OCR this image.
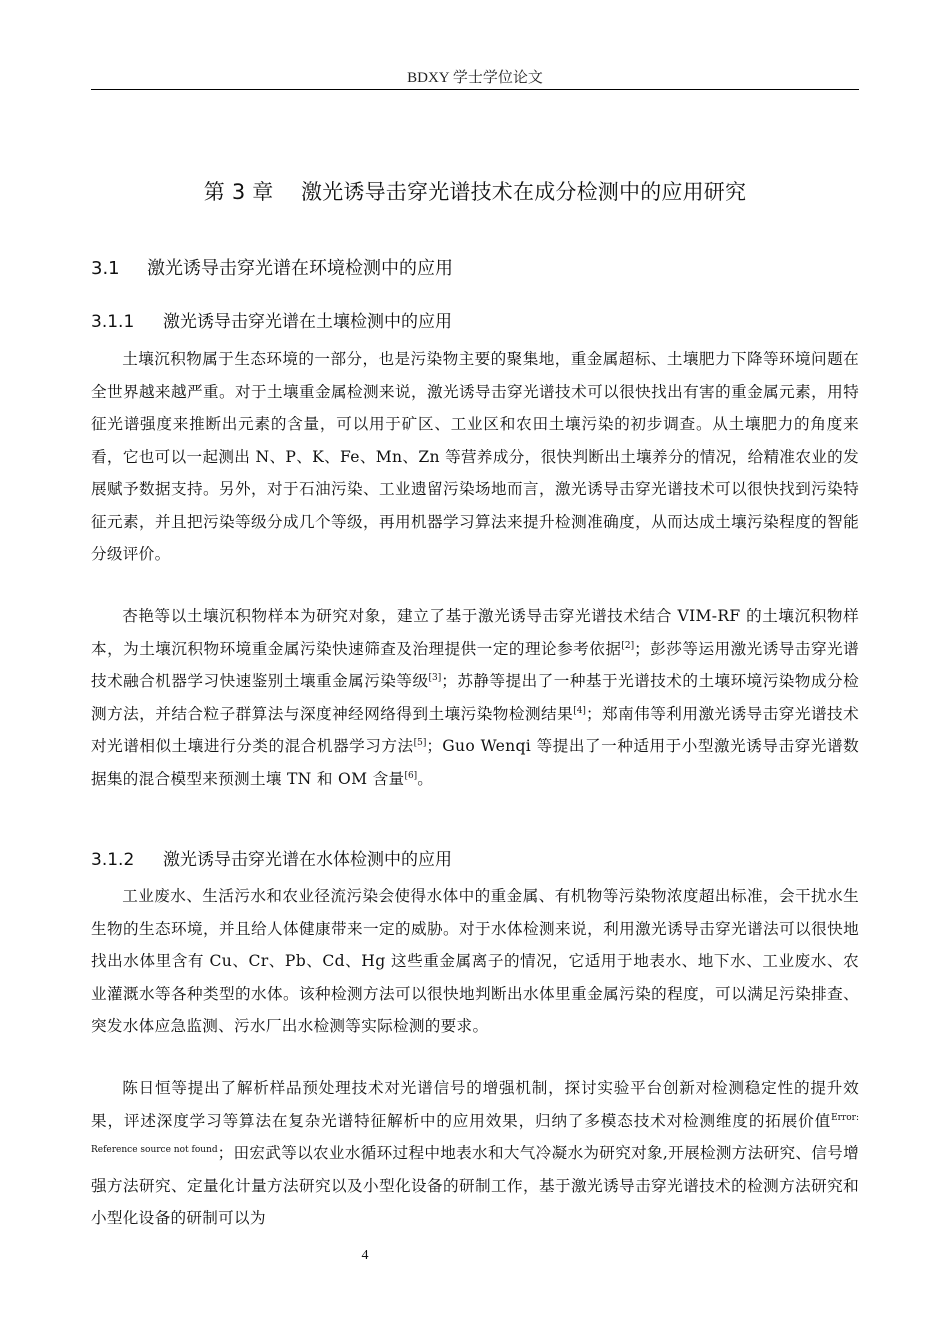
BDXY 学士学位论文
第 3 章    激光诱导击穿光谱技术在成分检测中的应用研究
3.1 激光诱导击穿光谱在环境检测中的应用
3.1.1 激光诱导击穿光谱在土壤检测中的应用

土壤沉积物属于生态环境的一部分，也是污染物主要的聚集地，重金属超标、土壤肥力下降等环境问题在全世界越来越严重。对于土壤重金属检测来说，激光诱导击穿光谱技术可以很快找出有害的重金属元素，用特征光谱强度来推断出元素的含量，可以用于矿区、工业区和农田土壤污染的初步调查。从土壤肥力的角度来看，它也可以一起测出 N、P、K、Fe、Mn、Zn 等营养成分，很快判断出土壤养分的情况，给精准农业的发展赋予数据支持。另外，对于石油污染、工业遗留污染场地而言，激光诱导击穿光谱技术可以很快找到污染特征元素，并且把污染等级分成几个等级，再用机器学习算法来提升检测准确度，从而达成土壤污染程度的智能分级评价。

杏艳等以土壤沉积物样本为研究对象，建立了基于激光诱导击穿光谱技术结合 VIM-RF 的土壤沉积物样本，为土壤沉积物环境重金属污染快速筛查及治理提供一定的理论参考依据[2]；彭莎等运用激光诱导击穿光谱技术融合机器学习快速鉴别土壤重金属污染等级[3]；苏静等提出了一种基于光谱技术的土壤环境污染物成分检测方法，并结合粒子群算法与深度神经网络得到土壤污染物检测结果[4]；郑南伟等利用激光诱导击穿光谱技术对光谱相似土壤进行分类的混合机器学习方法[5]；Guo Wenqi 等提出了一种适用于小型激光诱导击穿光谱数据集的混合模型来预测土壤 TN 和 OM 含量[6]。

3.1.2 激光诱导击穿光谱在水体检测中的应用

工业废水、生活污水和农业径流污染会使得水体中的重金属、有机物等污染物浓度超出标准，会干扰水生生物的生态环境，并且给人体健康带来一定的威胁。对于水体检测来说，利用激光诱导击穿光谱法可以很快地找出水体里含有 Cu、Cr、Pb、Cd、Hg 这些重金属离子的情况，它适用于地表水、地下水、工业废水、农业灌溉水等各种类型的水体。该种检测方法可以很快地判断出水体里重金属污染的程度，可以满足污染排查、突发水体应急监测、污水厂出水检测等实际检测的要求。

陈日恒等提出了解析样品预处理技术对光谱信号的增强机制，探讨实验平台创新对检测稳定性的提升效果，评述深度学习等算法在复杂光谱特征解析中的应用效果，归纳了多模态技术对检测维度的拓展价值$^{Error: Reference source not found}$；田宏武等以农业水循环过程中地表水和大气冷凝水为研究对象,开展检测方法研究、信号增强方法研究、定量化计量方法研究以及小型化设备的研制工作，基于激光诱导击穿光谱技术的检测方法研究和小型化设备的研制可以为

4
